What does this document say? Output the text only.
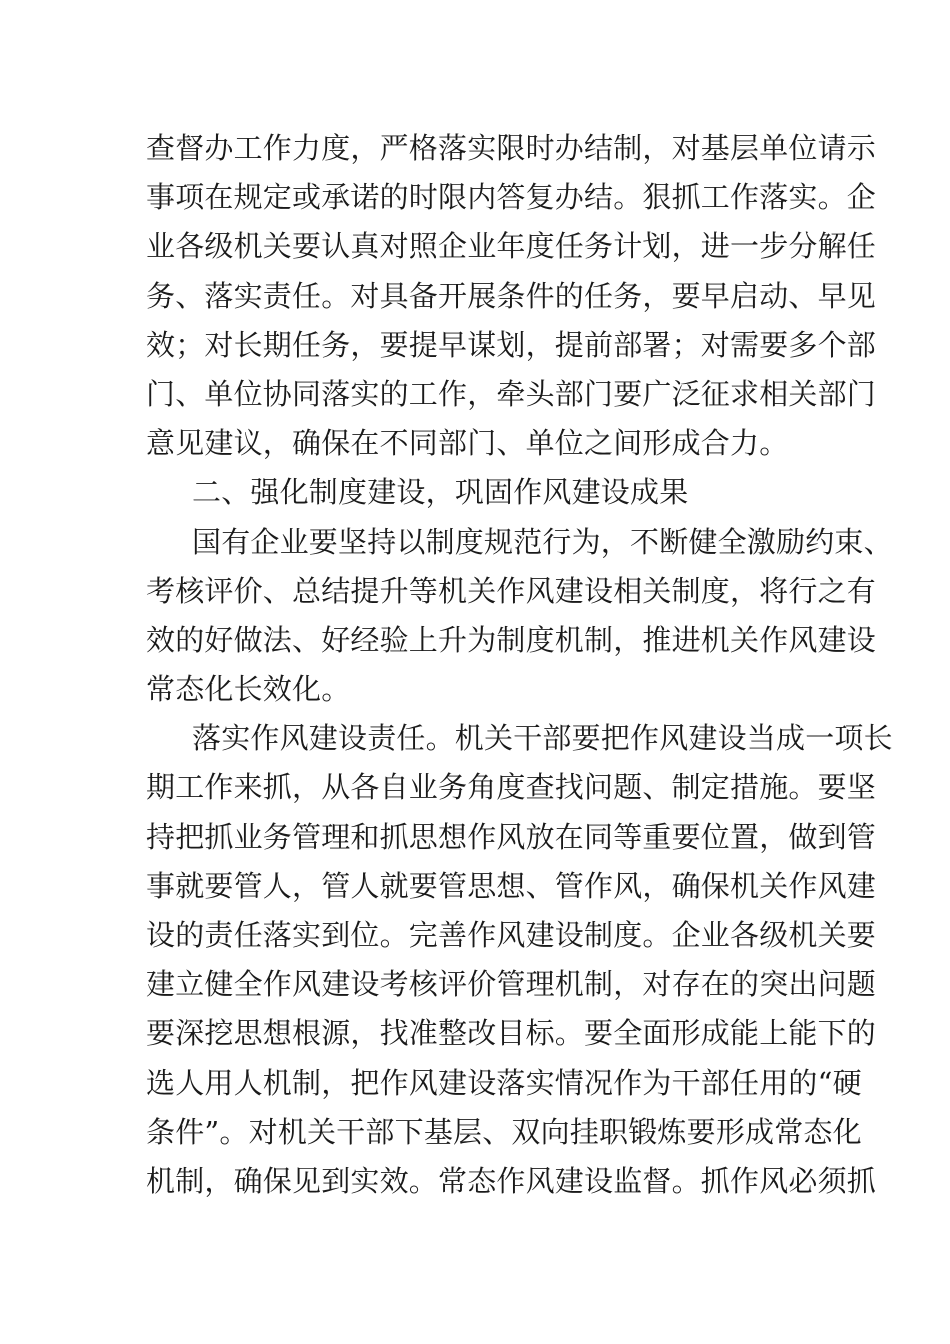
查督办工作力度，严格落实限时办结制，对基层单位请示
事项在规定或承诺的时限内答复办结。狠抓工作落实。企
业各级机关要认真对照企业年度任务计划，进一步分解任
务、落实责任。对具备开展条件的任务，要早启动、早见
效；对长期任务，要提早谋划，提前部署；对需要多个部
门、单位协同落实的工作，牵头部门要广泛征求相关部门
意见建议，确保在不同部门、单位之间形成合力。
二、强化制度建设，巩固作风建设成果
国有企业要坚持以制度规范行为，不断健全激励约束、
考核评价、总结提升等机关作风建设相关制度，将行之有
效的好做法、好经验上升为制度机制，推进机关作风建设
常态化长效化。
落实作风建设责任。机关干部要把作风建设当成一项长
期工作来抓，从各自业务角度查找问题、制定措施。要坚
持把抓业务管理和抓思想作风放在同等重要位置，做到管
事就要管人，管人就要管思想、管作风，确保机关作风建
设的责任落实到位。完善作风建设制度。企业各级机关要
建立健全作风建设考核评价管理机制，对存在的突出问题
要深挖思想根源，找准整改目标。要全面形成能上能下的
选人用人机制，把作风建设落实情况作为干部任用的“硬
条件”。对机关干部下基层、双向挂职锻炼要形成常态化
机制，确保见到实效。常态作风建设监督。抓作风必须抓
